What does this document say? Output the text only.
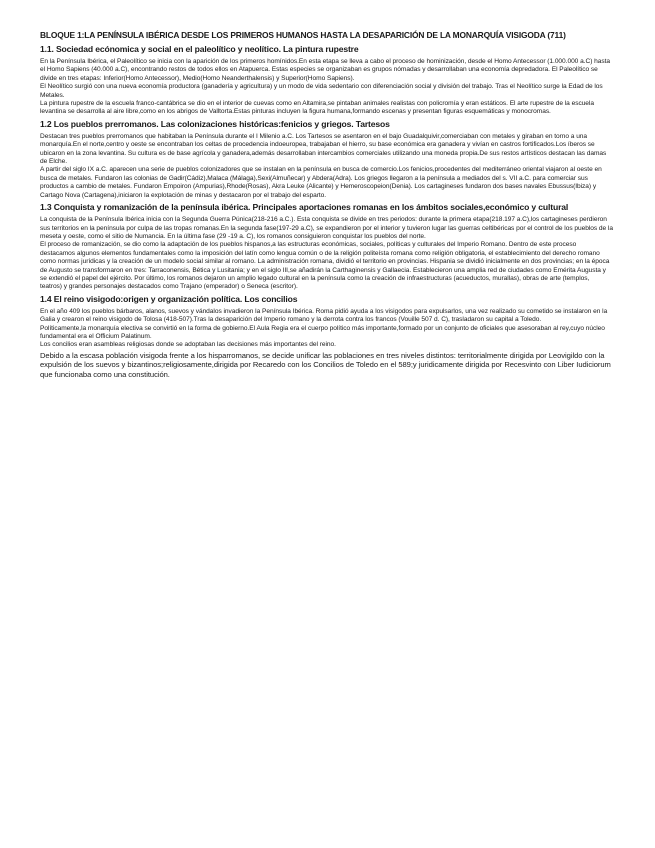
BLOQUE 1:LA PENÍNSULA IBÉRICA DESDE LOS PRIMEROS HUMANOS HASTA LA DESAPARICIÓN DE LA MONARQUÍA VISIGODA (711)
1.1. Sociedad ecónomica y social en el paleolítico y neolítico. La pintura rupestre

En la Península Ibérica, el Paleolítico se inicia con la aparición de los primeros homínidos.En esta etapa se lleva a cabo el proceso de hominización, desde el Homo Antecessor (1.000.000 a.C) hasta el Homo Sapiens (40.000 a.C), encontrando restos de todos ellos en Atapuerca. Estas especies se organizaban es grupos nómadas y desarrollaban una economía depredadora. El Paleolítico se divide en tres etapas: Inferior(Homo Antecessor), Medio(Homo Neanderthalensis) y Superior(Homo Sapiens).

El Neolítico surgió con una nueva economía productora (ganadería y agricultura) y un modo de vida sedentario con diferenciación social y división del trabajo. Tras el Neolítico surge la Edad de los Metales.

La pintura rupestre de la escuela franco-cantábrica se dio en el interior de cuevas como en Altamira,se pintaban animales realistas con policromía y eran estáticos. El arte rupestre de la escuela levantina se desarrolla al aire libre,como en los abrigos de Valltorta.Estas pinturas incluyen la figura humana,formando escenas y presentan figuras esquemáticas y monocromas.

1.2 Los pueblos prerromanos. Las colonizaciones históricas:fenicios y griegos. Tartesos

Destacan tres pueblos prerromanos que habitaban la Península durante el I Milenio a.C. Los Tartesos se asentaron en el bajo Guadalquivir,comerciaban con metales y giraban en torno a una monarquía.En el norte,centro y oeste se encontraban los celtas de procedencia indoeuropea, trabajaban el hierro, su base económica era ganadera y vivían en castros fortificados.Los íberos se ubicaron en la zona levantina. Su cultura es de base agrícola y ganadera,además desarrollaban intercambios comerciales utilizando una moneda propia.De sus restos artísticos destacan las damas de Elche.

A partir del siglo IX a.C. aparecen una serie de pueblos colonizadores que se instalan en la península en busca de comercio.Los fenicios,procedentes del mediterráneo oriental viajaron al oeste en busca de metales. Fundaron las colonias de Gadir(Cádiz),Malaca (Málaga),Sexi(Almuñecar) y Abdera(Adra). Los griegos llegaron a la península a mediados del s. VII a.C. para comerciar sus productos a cambio de metales. Fundaron Empoiron (Ampurias),Rhode(Rosas), Akra Leuke (Alicante) y Hemeroscopeion(Denia). Los cartagineses fundaron dos bases navales Ebussus(Ibiza) y Cartago Nova (Cartagena),iniciaron la explotación de minas y destacaron por el trabajo del esparto.

1.3 Conquista y romanización de la península ibérica. Principales aportaciones romanas en los ámbitos sociales,económico y cultural

La conquista de la Península Ibérica inicia con la Segunda Guerra Púnica(218-216 a.C.). Esta conquista se divide en tres periodos: durante la primera etapa(218.197 a.C),los cartagineses perdieron sus territorios en la península por culpa de las tropas romanas.En la segunda fase(197-29 a.C), se expandieron por el interior y tuvieron lugar las guerras celtibéricas por el control de los pueblos de la meseta y oeste, como el sitio de Numancia. En la última fase (29 -19 a. C), los romanos consiguieron conquistar los pueblos del norte.

El proceso de romanización, se dio como la adaptación de los pueblos hispanos,a las estructuras económicas, sociales, políticas y culturales del Imperio Romano. Dentro de este proceso destacamos algunos elementos fundamentales como la imposición del latín como lengua común o de la religión politeísta romana como religión obligatoria, el establecimiento del derecho romano como normas jurídicas y la creación de un modelo social similar al romano. La administración romana, dividió el territorio en provincias. Hispania se dividió inicialmente en dos provincias; en la época de Augusto se transformaron en tres: Tarraconensis, Bética y Lusitania; y en el siglo III,se añadirán la Carthaginensis y Gallaecia. Establecieron una amplia red de ciudades como Emérita Augusta y se extendió el papel del ejército. Por último, los romanos dejaron un amplio legado cultural en la península como la creación de infraestructuras (acueductos, murallas), obras de arte (templos, teatros) y grandes personajes destacados como Trajano (emperador) o Seneca (escritor).

1.4 El reino visigodo:origen y organización política. Los concilios

En el año 409 los pueblos bárbaros, alanos, suevos y vándalos invadieron la Península Ibérica. Roma pidió ayuda a los visigodos para expulsarlos, una vez realizado su cometido se instalaron en la Galia y crearon el reino visigodo de Tolosa (418-507).Tras la desaparición del Imperio romano y la derrota contra los francos (Vouille 507 d. C), trasladaron su capital a Toledo.

Políticamente,la monarquía electiva se convirtió en la forma de gobierno.El Aula Regia era el cuerpo político más importante,formado por un conjunto de oficiales que asesoraban al rey,cuyo núcleo fundamental era el Officium Palatinum.

Los concilios eran asambleas religiosas donde se adoptaban las decisiones más importantes del reino.

Debido a la escasa población visigoda frente a los hisparromanos, se decide unificar las poblaciones en tres niveles distintos: territorialmente dirigida por Leovigildo con la expulsión de los suevos y bizantinos;religiosamente,dirigida por Recaredo con los Concilios de Toledo en el 589;y juridicamente dirigida por Recesvinto con Liber Iudiciorum que funcionaba como una constitución.
